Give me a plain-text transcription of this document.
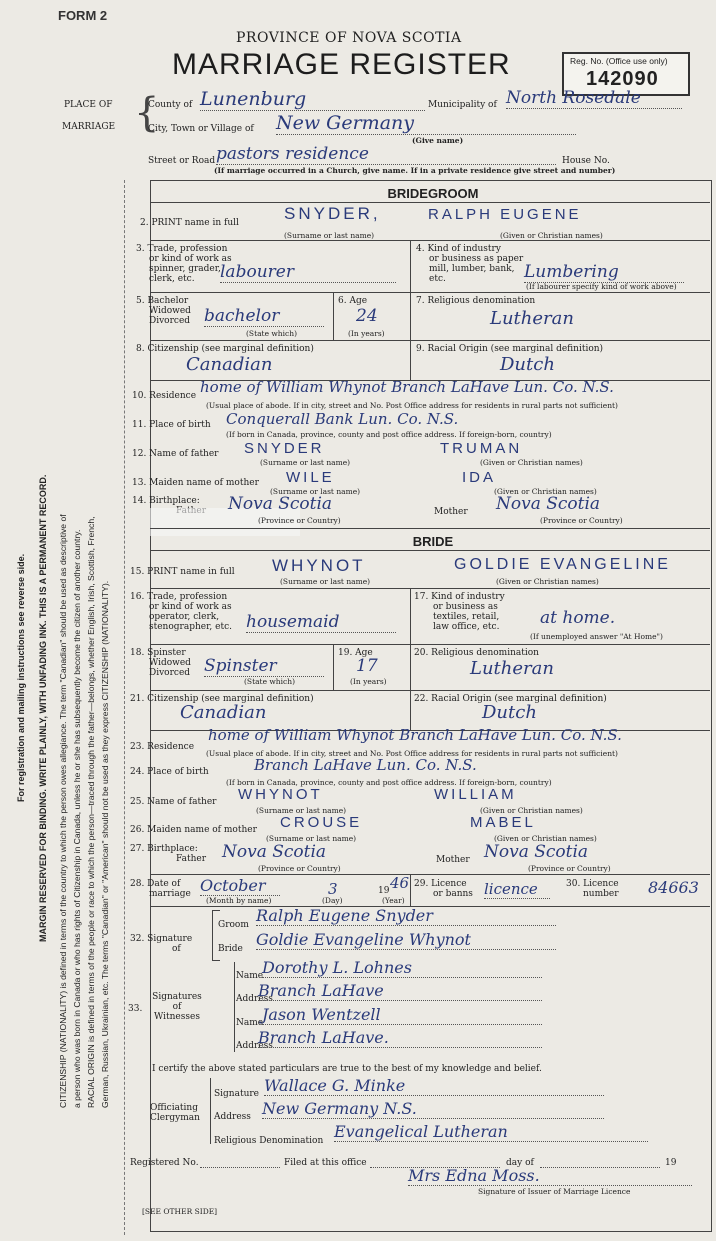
FORM 2
PROVINCE OF NOVA SCOTIA
MARRIAGE REGISTER	Reg. No. (Office use only)
142090
PLACE OF
MARRIAGE {
County of Lunenburg	Municipality of North Rosedale
City, Town or Village of New Germany
(Give name)
Street or Road pastors residence	House No.
(If marriage occurred in a Church, give name. If in a private residence give street and number)
BRIDEGROOM
2. PRINT name in full	SNYDER,	RALPH EUGENE
(Surname or last name)	(Given or Christian names)
3. Trade, profession
or kind of work as
spinner, grader,
clerk, etc.	labourer
4. Kind of industry
or business as paper
mill, lumber, bank,
etc.	Lumbering
(If labourer specify kind of work above)
5. Bachelor
Widowed
Divorced bachelor
(State which)
6. Age
24
(In years)
7. Religious denomination
Lutheran
8. Citizenship (see marginal definition)
Canadian
9. Racial Origin (see marginal definition)
Dutch
10. Residence home of William Whynot Branch LaHave Lun. Co. N.S.
(Usual place of abode. If in city, street and No. Post Office address for residents in rural parts not sufficient)
11. Place of birth Conquerall Bank Lun. Co. N.S.
(If born in Canada, province, county and post office address. If foreign-born, country)
12. Name of father SNYDER	TRUMAN
(Surname or last name)	(Given or Christian names)
13. Maiden name of mother WILE	IDA
(Surname or last name)	(Given or Christian names)
14. Birthplace:	Nova Scotia	Mother Nova Scotia
(Province or Country)	(Province or Country)
BRIDE
15. PRINT name in full WHYNOT	GOLDIE EVANGELINE
(Surname or last name)	(Given or Christian names)
16. Trade, profession
or kind of work as
operator, clerk,
stenographer, etc. housemaid
17. Kind of industry
or business as
textiles, retail,
law office, etc.	at home.
(If unemployed answer "At Home")
18. Spinster
Widowed
Divorced Spinster
(State which)
19. Age
17
(In years)
20. Religious denomination
Lutheran
21. Citizenship (see marginal definition)
Canadian
22. Racial Origin (see marginal definition)
Dutch
23. Residence
home of William Whynot Branch LaHave Lun. Co. N.S.
(Usual place of abode. If in city, street and No. Post Office address for residents in rural parts not sufficient)
24. Place of birth	Branch LaHave Lun. Co. N.S.
(If born in Canada, province, county and post office address. If foreign-born, country)
25. Name of father WHYNOT	WILLIAM
(Surname or last name)	(Given or Christian names)
26. Maiden name of mother CROUSE	MABEL
(Surname or last name)	(Given or Christian names)
27. Birthplace:
Father Nova Scotia	Mother Nova Scotia
(Province or Country)	(Province or Country)
28. Date of
marriage October	3	19 46
(Month by name)	(Day)	(Year)
29. Licence
or banns licence	30. Licence
number 84663
32. Signature
of
Groom Ralph Eugene Snyder
Bride Goldie Evangeline Whynot
Signatures
of
Witnesses
33.
Name
Dorothy L. Lohnes
Address
Branch LaHave
Name
Jason Wentzell
Address
Branch LaHave.
I certify the above stated particulars are true to the best of my knowledge and belief.
Officiating
Clergyman
Signature Wallace G. Minke
Address New Germany N.S.
Religious Denomination Evangelical Lutheran
Registered No.	Filed at this office	day of	19
Mrs Edna Moss.
Signature of Issuer of Marriage Licence
[SEE OTHER SIDE]
For registration and mailing instructions see reverse side. MARGIN RESERVED FOR BINDING. WRITE PLAINLY, WITH UNFADING INK. THIS IS A PERMANENT RECORD. CITIZENSHIP (NATIONALITY) is defined in terms of the country to which the person owes allegiance. The term "Canadian" should be used as descriptive of a person who was born in Canada or who has rights of Citizenship in Canada, unless he or she has subsequently become the citizen of another country. RACIAL ORIGIN is defined in terms of the people or race to which the person—traced through the father—belongs, whether English, Irish, Scottish, French, German, Russian, Ukrainian, etc. The terms "Canadian" or "American" should not be used as they express CITIZENSHIP (NATIONALITY).
